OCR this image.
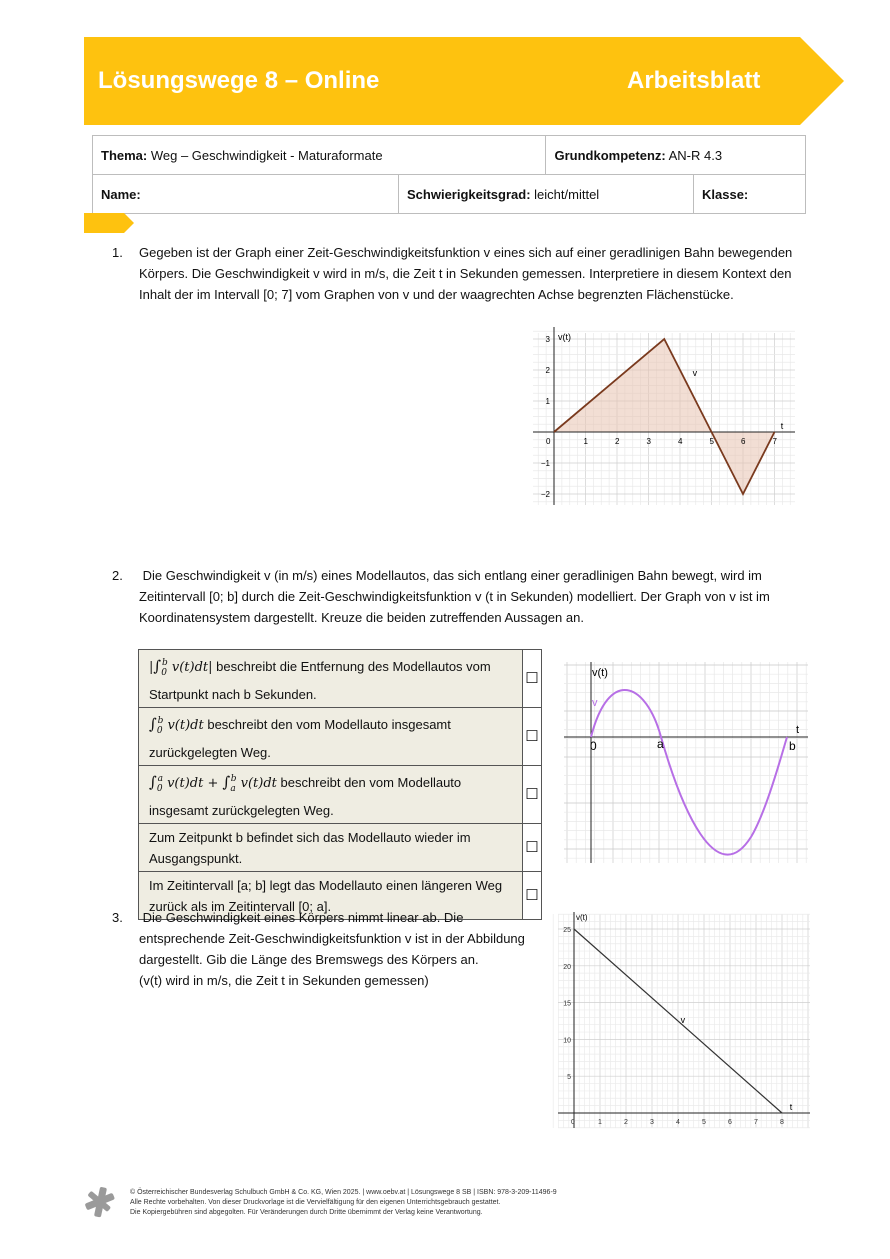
Lösungswege 8 – Online	Arbeitsblatt
Thema: Weg – Geschwindigkeit - Maturaformate		Grundkompetenz: AN-R 4.3	
Name:	Schwierigkeitsgrad: leicht/mittel		Klasse:
1. Gegeben ist der Graph einer Zeit-Geschwindigkeitsfunktion v eines sich auf einer geradlinigen Bahn bewegenden Körpers. Die Geschwindigkeit v wird in m/s, die Zeit t in Sekunden gemessen. Interpretiere in diesem Kontext den Inhalt der im Intervall [0; 7] vom Graphen von v und der waagrechten Achse begrenzten Flächenstücke.
0	1	2	3	4	5	6	7
−2
−1
1
2
3 v(t)
t
v
2. Die Geschwindigkeit v (in m/s) eines Modellautos, das sich entlang einer geradlinigen Bahn bewegt, wird im Zeitintervall [0; b] durch die Zeit-Geschwindigkeitsfunktion v (t in Sekunden) modelliert. Der Graph von v ist im Koordinatensystem dargestellt. Kreuze die beiden zutreffenden Aussagen an.
$|\int_0^b$ v(t)dt| beschreibt die Entfernung des Modellautos vom Startpunkt nach b Sekunden.	☐
$\int_0^b$ v(t)dt beschreibt den vom Modellauto insgesamt zurückgelegten Weg.	☐
$\int_0^a$ $v(t)dt + \int_a^b$ v(t)dt beschreibt den vom Modellauto insgesamt zurückgelegten Weg.	☐
Zum Zeitpunkt b befindet sich das Modellauto wieder im Ausgangspunkt.	☐
Im Zeitintervall [a; b] legt das Modellauto einen längeren Weg zurück als im Zeitintervall [0; a].	☐
v(t)
t
v
0	a	b
3. Die Geschwindigkeit eines Körpers nimmt linear ab. Die
entsprechende Zeit-Geschwindigkeitsfunktion v ist in der Abbildung
dargestellt. Gib die Länge des Bremswegs des Körpers an.
(v(t) wird in m/s, die Zeit t in Sekunden gemessen)
0	1	2	3	4	5	6	7	8
5
10
15
20
25
v(t)
t
v
© Österreichischer Bundesverlag Schulbuch GmbH & Co. KG, Wien 2025. | www.oebv.at | Lösungswege 8 SB | ISBN: 978-3-209-11496-9
Alle Rechte vorbehalten. Von dieser Druckvorlage ist die Vervielfältigung für den eigenen Unterrichtsgebrauch gestattet.
Die Kopiergebühren sind abgegolten. Für Veränderungen durch Dritte übernimmt der Verlag keine Verantwortung.
